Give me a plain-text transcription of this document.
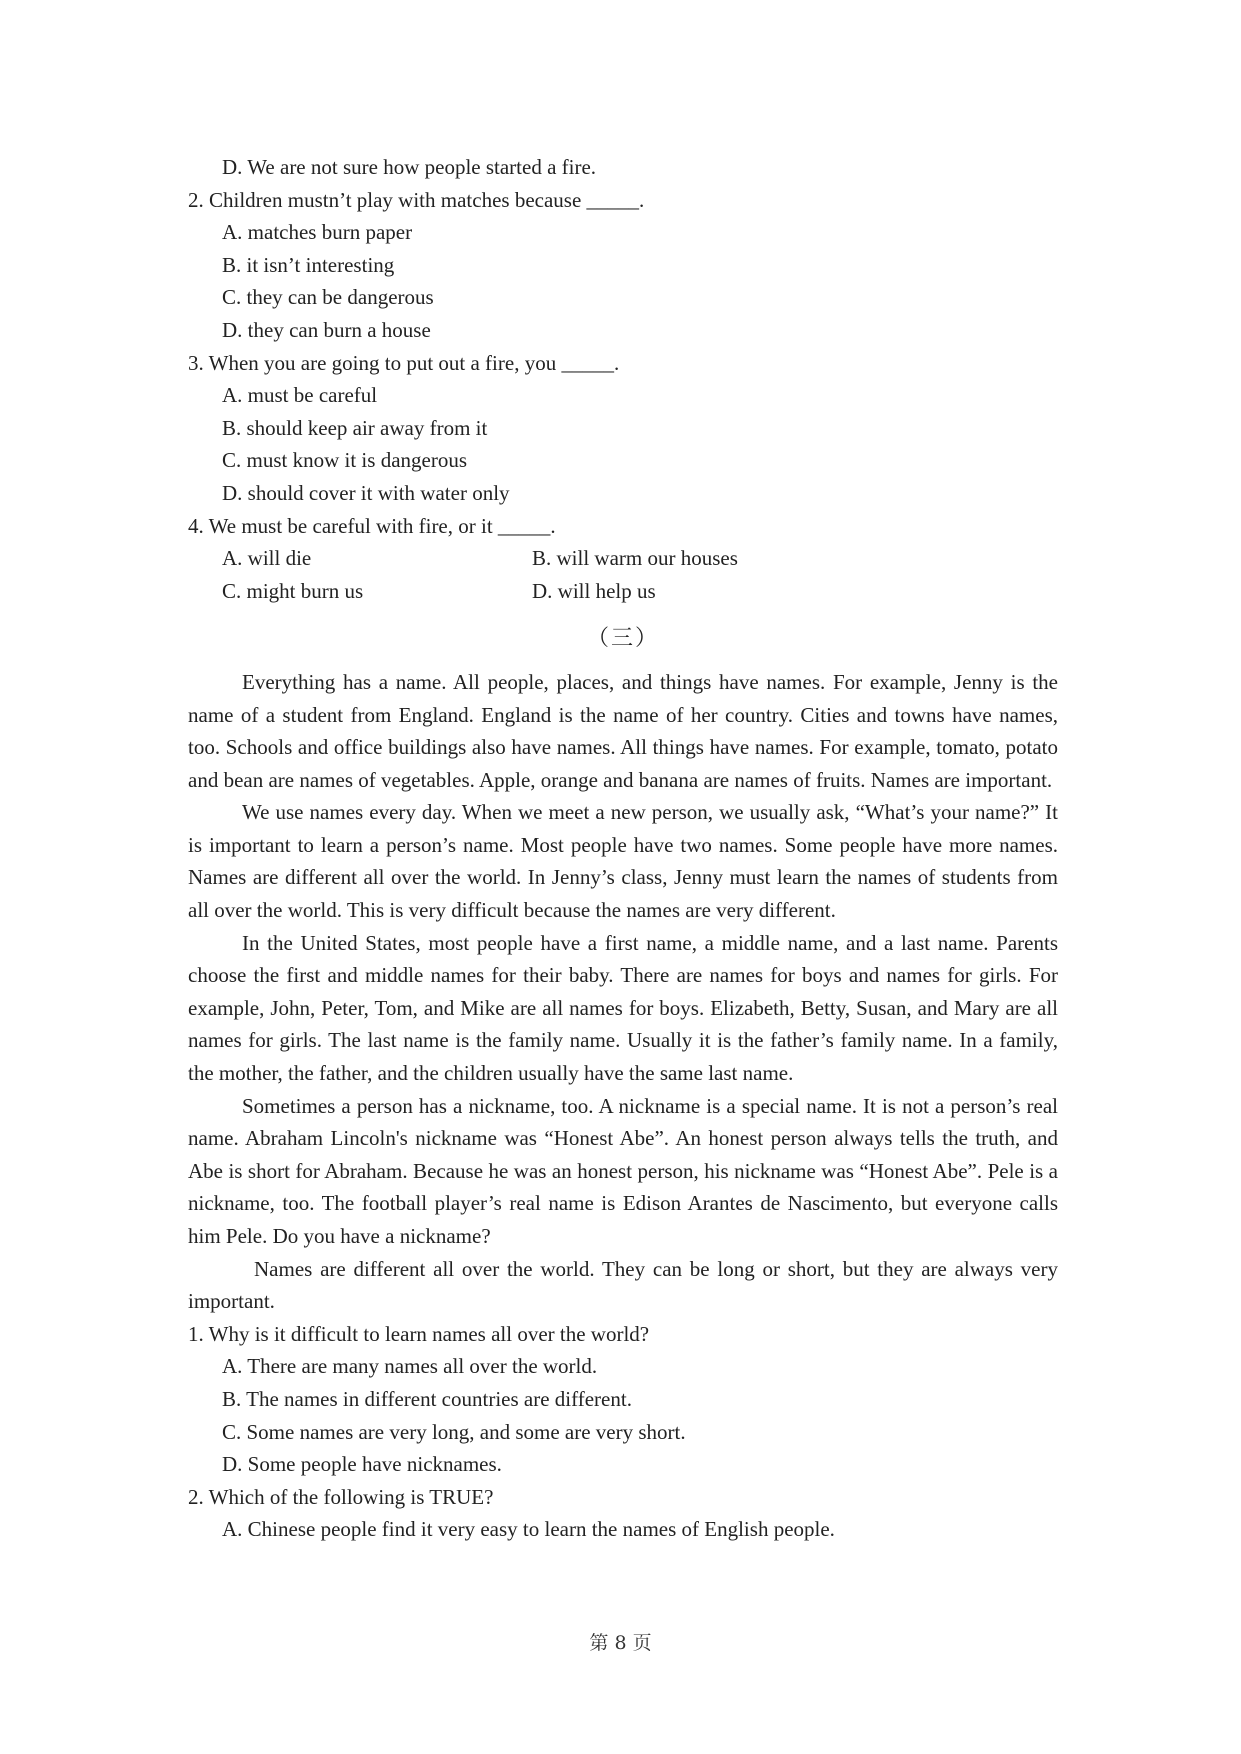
D. We are not sure how people started a fire.
2. Children mustn’t play with matches because _____.
A. matches burn paper
B. it isn’t interesting
C. they can be dangerous
D. they can burn a house
3. When you are going to put out a fire, you _____.
A. must be careful
B. should keep air away from it
C. must know it is dangerous
D. should cover it with water only
4. We must be careful with fire, or it _____.
A. will die	B. will warm our houses
C. might burn us	D. will help us
（三）
Everything has a name. All people, places, and things have names. For example, Jenny is the name of a student from England. England is the name of her country. Cities and towns have names, too. Schools and office buildings also have names. All things have names. For example, tomato, potato and bean are names of vegetables. Apple, orange and banana are names of fruits. Names are important.
We use names every day. When we meet a new person, we usually ask, “What’s your name?” It is important to learn a person’s name. Most people have two names. Some people have more names. Names are different all over the world. In Jenny’s class, Jenny must learn the names of students from all over the world. This is very difficult because the names are very different.
In the United States, most people have a first name, a middle name, and a last name. Parents choose the first and middle names for their baby. There are names for boys and names for girls. For example, John, Peter, Tom, and Mike are all names for boys. Elizabeth, Betty, Susan, and Mary are all names for girls. The last name is the family name. Usually it is the father’s family name. In a family, the mother, the father, and the children usually have the same last name.
Sometimes a person has a nickname, too. A nickname is a special name. It is not a person’s real name. Abraham Lincoln's nickname was “Honest Abe”. An honest person always tells the truth, and Abe is short for Abraham. Because he was an honest person, his nickname was “Honest Abe”. Pele is a nickname, too. The football player’s real name is Edison Arantes de Nascimento, but everyone calls him Pele. Do you have a nickname?
Names are different all over the world. They can be long or short, but they are always very important.
1. Why is it difficult to learn names all over the world?
A. There are many names all over the world.
B. The names in different countries are different.
C. Some names are very long, and some are very short.
D. Some people have nicknames.
2. Which of the following is TRUE?
A. Chinese people find it very easy to learn the names of English people.
第 8 页
